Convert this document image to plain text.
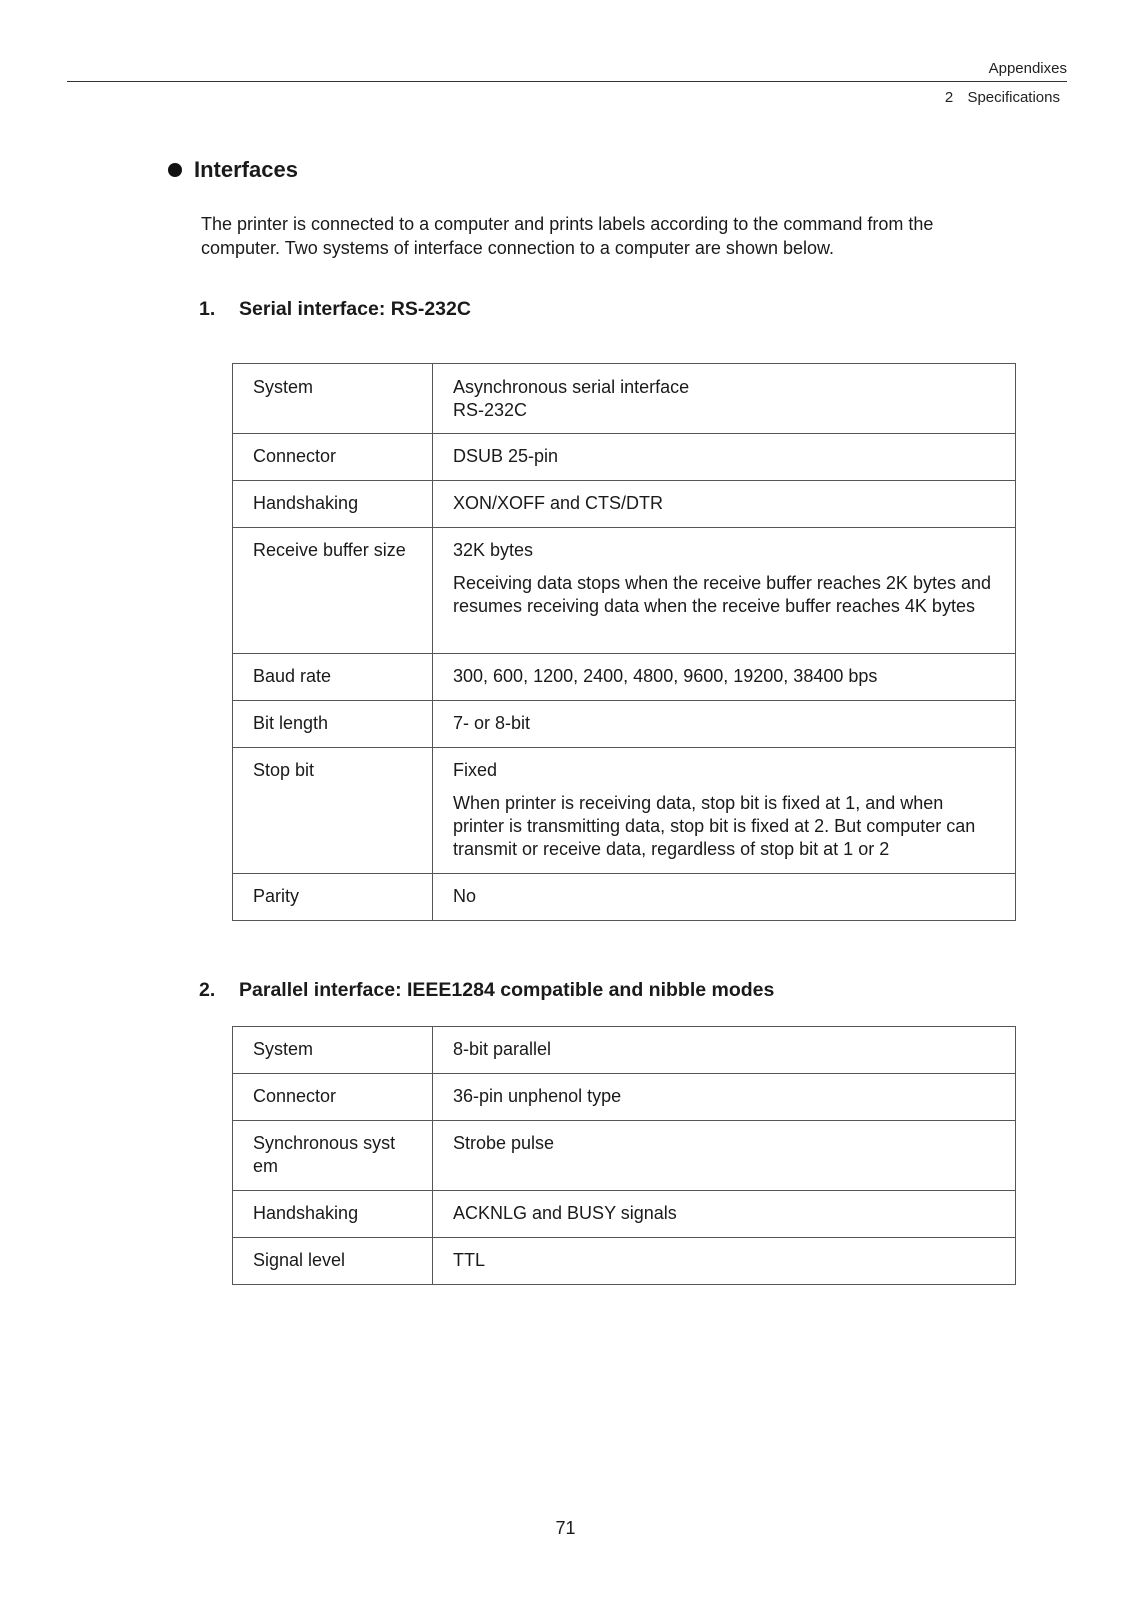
Appendixes
2 Specifications
Interfaces

The printer is connected to a computer and prints labels according to the command from the computer. Two systems of interface connection to a computer are shown below.

1.	Serial interface: RS-232C
System	Asynchronous serial interface
RS-232C

Connector	DSUB 25-pin
Handshaking	XON/XOFF and CTS/DTR
Receive buffer size	32K bytes

Receiving data stops when the receive buffer reaches 2K bytes and resumes receiving data when the receive buffer reaches 4K bytes

Baud rate	300, 600, 1200, 2400, 4800, 9600, 19200, 38400 bps
Bit length	7- or 8-bit
Stop bit	Fixed

When printer is receiving data, stop bit is fixed at 1, and when printer is transmitting data, stop bit is fixed at 2. But computer can transmit or receive data, regardless of stop bit at 1 or 2

Parity	No
2.	Parallel interface: IEEE1284 compatible and nibble modes
System	8-bit parallel
Connector	36-pin unphenol type
Synchronous syst em	Strobe pulse
Handshaking	ACKNLG and BUSY signals
Signal level	TTL
71
